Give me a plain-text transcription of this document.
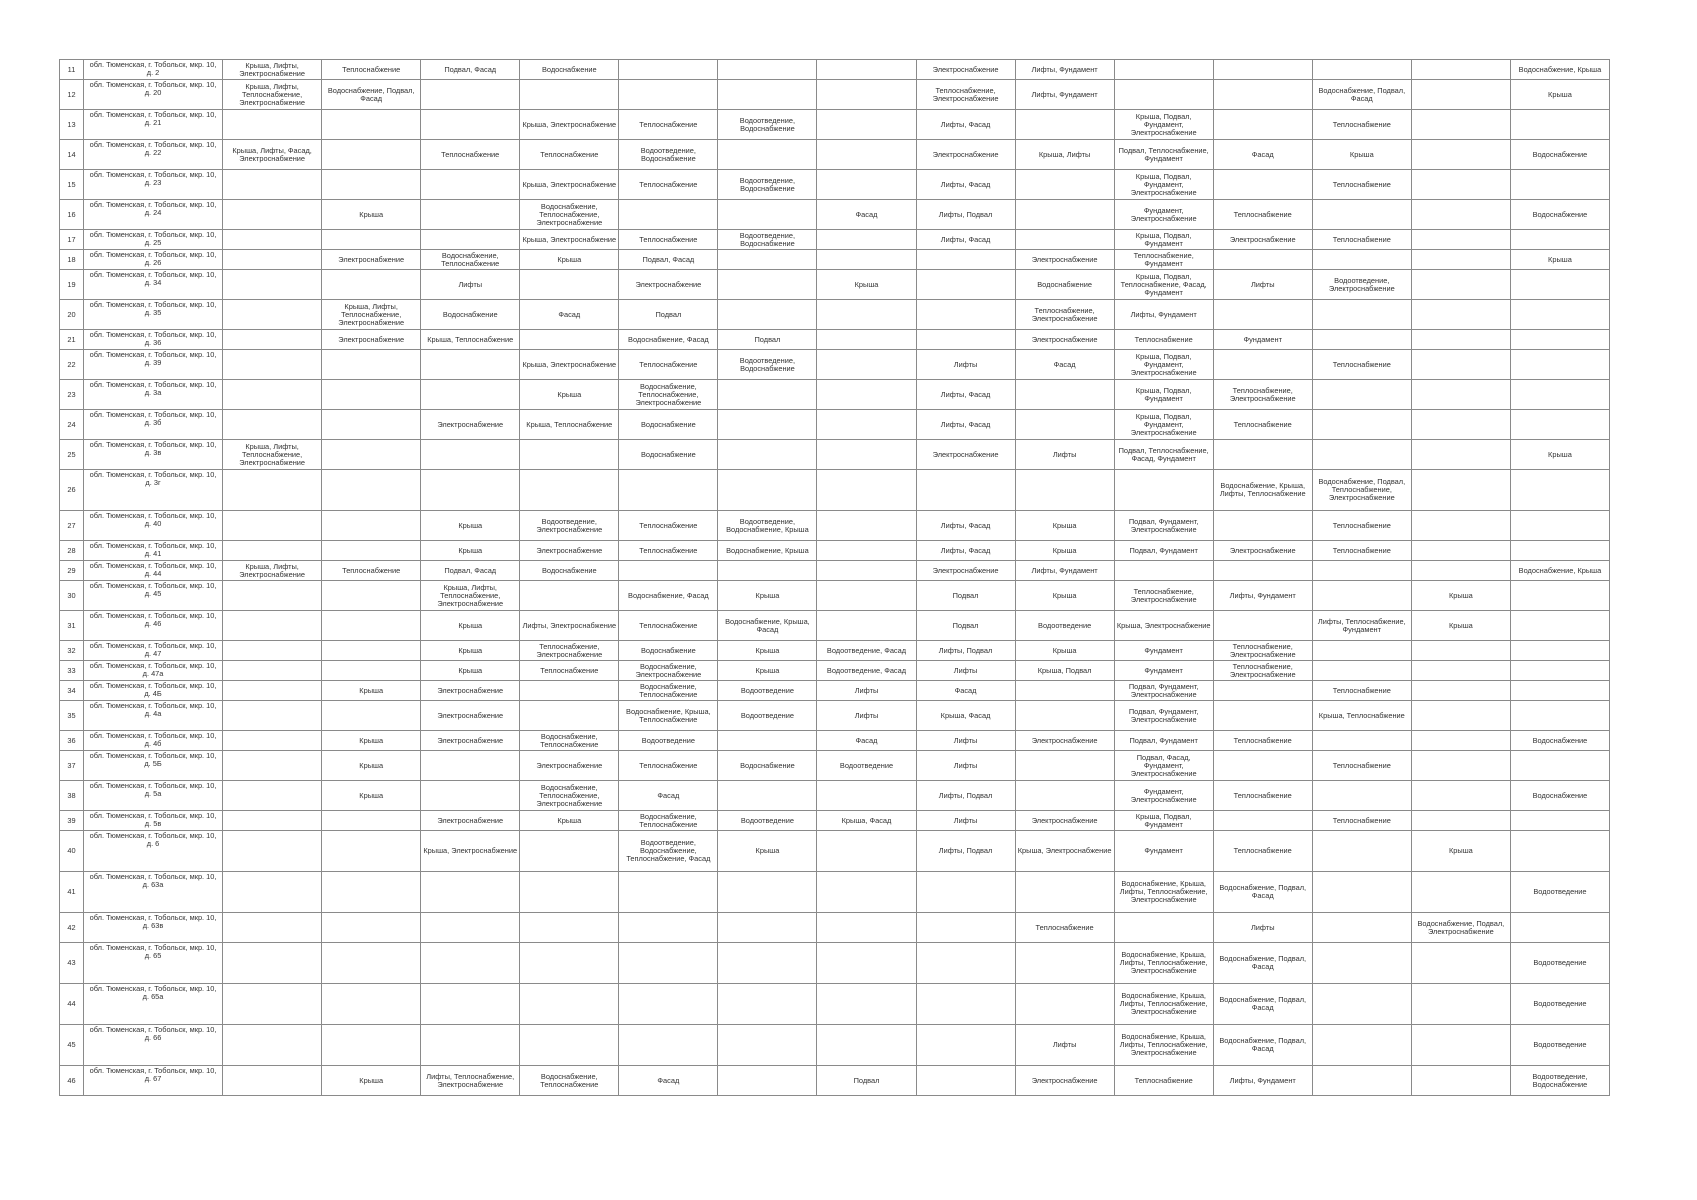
11	обл. Тюменская, г. Тобольск, мкр. 10, д. 2	Крыша, Лифты, Электроснабжение	Теплоснабжение	Подвал, Фасад	Водоснабжение				Электроснабжение	Лифты, Фундамент					Водоснабжение, Крыша
12	обл. Тюменская, г. Тобольск, мкр. 10, д. 20	Крыша, Лифты, Теплоснабжение, Электроснабжение	Водоснабжение, Подвал, Фасад						Теплоснабжение, Электроснабжение	Лифты, Фундамент			Водоснабжение, Подвал, Фасад		Крыша
13	обл. Тюменская, г. Тобольск, мкр. 10, д. 21				Крыша, Электроснабжение	Теплоснабжение	Водоотведение, Водоснабжение		Лифты, Фасад		Крыша, Подвал, Фундамент, Электроснабжение		Теплоснабжение		
14	обл. Тюменская, г. Тобольск, мкр. 10, д. 22	Крыша, Лифты, Фасад, Электроснабжение		Теплоснабжение	Теплоснабжение	Водоотведение, Водоснабжение			Электроснабжение	Крыша, Лифты	Подвал, Теплоснабжение, Фундамент	Фасад	Крыша		Водоснабжение
15	обл. Тюменская, г. Тобольск, мкр. 10, д. 23				Крыша, Электроснабжение	Теплоснабжение	Водоотведение, Водоснабжение		Лифты, Фасад		Крыша, Подвал, Фундамент, Электроснабжение		Теплоснабжение		
16	обл. Тюменская, г. Тобольск, мкр. 10, д. 24		Крыша		Водоснабжение, Теплоснабжение, Электроснабжение			Фасад	Лифты, Подвал		Фундамент, Электроснабжение	Теплоснабжение			Водоснабжение
17	обл. Тюменская, г. Тобольск, мкр. 10, д. 25				Крыша, Электроснабжение	Теплоснабжение	Водоотведение, Водоснабжение		Лифты, Фасад		Крыша, Подвал, Фундамент	Электроснабжение	Теплоснабжение		
18	обл. Тюменская, г. Тобольск, мкр. 10, д. 26		Электроснабжение	Водоснабжение, Теплоснабжение	Крыша	Подвал, Фасад				Электроснабжение	Теплоснабжение, Фундамент				Крыша
19	обл. Тюменская, г. Тобольск, мкр. 10, д. 34			Лифты		Электроснабжение		Крыша		Водоснабжение	Крыша, Подвал, Теплоснабжение, Фасад, Фундамент	Лифты	Водоотведение, Электроснабжение		
20	обл. Тюменская, г. Тобольск, мкр. 10, д. 35		Крыша, Лифты, Теплоснабжение, Электроснабжение	Водоснабжение	Фасад	Подвал				Теплоснабжение, Электроснабжение	Лифты, Фундамент				
21	обл. Тюменская, г. Тобольск, мкр. 10, д. 36		Электроснабжение	Крыша, Теплоснабжение		Водоснабжение, Фасад	Подвал			Электроснабжение	Теплоснабжение	Фундамент			
22	обл. Тюменская, г. Тобольск, мкр. 10, д. 39				Крыша, Электроснабжение	Теплоснабжение	Водоотведение, Водоснабжение		Лифты	Фасад	Крыша, Подвал, Фундамент, Электроснабжение		Теплоснабжение		
23	обл. Тюменская, г. Тобольск, мкр. 10, д. 3а				Крыша	Водоснабжение, Теплоснабжение, Электроснабжение			Лифты, Фасад		Крыша, Подвал, Фундамент	Теплоснабжение, Электроснабжение			
24	обл. Тюменская, г. Тобольск, мкр. 10, д. 3б			Электроснабжение	Крыша, Теплоснабжение	Водоснабжение			Лифты, Фасад		Крыша, Подвал, Фундамент, Электроснабжение	Теплоснабжение			
25	обл. Тюменская, г. Тобольск, мкр. 10, д. 3в	Крыша, Лифты, Теплоснабжение, Электроснабжение				Водоснабжение			Электроснабжение	Лифты	Подвал, Теплоснабжение, Фасад, Фундамент				Крыша
26	обл. Тюменская, г. Тобольск, мкр. 10, д. 3г											Водоснабжение, Крыша, Лифты, Теплоснабжение	Водоснабжение, Подвал, Теплоснабжение, Электроснабжение		
27	обл. Тюменская, г. Тобольск, мкр. 10, д. 40			Крыша	Водоотведение, Электроснабжение	Теплоснабжение	Водоотведение, Водоснабжение, Крыша		Лифты, Фасад	Крыша	Подвал, Фундамент, Электроснабжение		Теплоснабжение		
28	обл. Тюменская, г. Тобольск, мкр. 10, д. 41			Крыша	Электроснабжение	Теплоснабжение	Водоснабжение, Крыша		Лифты, Фасад	Крыша	Подвал, Фундамент	Электроснабжение	Теплоснабжение		
29	обл. Тюменская, г. Тобольск, мкр. 10, д. 44	Крыша, Лифты, Электроснабжение	Теплоснабжение	Подвал, Фасад	Водоснабжение				Электроснабжение	Лифты, Фундамент					Водоснабжение, Крыша
30	обл. Тюменская, г. Тобольск, мкр. 10, д. 45			Крыша, Лифты, Теплоснабжение, Электроснабжение		Водоснабжение, Фасад	Крыша		Подвал	Крыша	Теплоснабжение, Электроснабжение	Лифты, Фундамент		Крыша	
31	обл. Тюменская, г. Тобольск, мкр. 10, д. 46			Крыша	Лифты, Электроснабжение	Теплоснабжение	Водоснабжение, Крыша, Фасад		Подвал	Водоотведение	Крыша, Электроснабжение		Лифты, Теплоснабжение, Фундамент	Крыша	
32	обл. Тюменская, г. Тобольск, мкр. 10, д. 47			Крыша	Теплоснабжение, Электроснабжение	Водоснабжение	Крыша	Водоотведение, Фасад	Лифты, Подвал	Крыша	Фундамент	Теплоснабжение, Электроснабжение			
33	обл. Тюменская, г. Тобольск, мкр. 10, д. 47а			Крыша	Теплоснабжение	Водоснабжение, Электроснабжение	Крыша	Водоотведение, Фасад	Лифты	Крыша, Подвал	Фундамент	Теплоснабжение, Электроснабжение			
34	обл. Тюменская, г. Тобольск, мкр. 10, д. 4Б		Крыша	Электроснабжение		Водоснабжение, Теплоснабжение	Водоотведение	Лифты	Фасад		Подвал, Фундамент, Электроснабжение		Теплоснабжение		
35	обл. Тюменская, г. Тобольск, мкр. 10, д. 4а			Электроснабжение		Водоснабжение, Крыша, Теплоснабжение	Водоотведение	Лифты	Крыша, Фасад		Подвал, Фундамент, Электроснабжение		Крыша, Теплоснабжение		
36	обл. Тюменская, г. Тобольск, мкр. 10, д. 4б		Крыша	Электроснабжение	Водоснабжение, Теплоснабжение	Водоотведение		Фасад	Лифты	Электроснабжение	Подвал, Фундамент	Теплоснабжение			Водоснабжение
37	обл. Тюменская, г. Тобольск, мкр. 10, д. 5Б		Крыша		Электроснабжение	Теплоснабжение	Водоснабжение	Водоотведение	Лифты		Подвал, Фасад, Фундамент, Электроснабжение		Теплоснабжение		
38	обл. Тюменская, г. Тобольск, мкр. 10, д. 5а		Крыша		Водоснабжение, Теплоснабжение, Электроснабжение	Фасад			Лифты, Подвал		Фундамент, Электроснабжение	Теплоснабжение			Водоснабжение
39	обл. Тюменская, г. Тобольск, мкр. 10, д. 5в			Электроснабжение	Крыша	Водоснабжение, Теплоснабжение	Водоотведение	Крыша, Фасад	Лифты	Электроснабжение	Крыша, Подвал, Фундамент		Теплоснабжение		
40	обл. Тюменская, г. Тобольск, мкр. 10, д. 6			Крыша, Электроснабжение		Водоотведение, Водоснабжение, Теплоснабжение, Фасад	Крыша		Лифты, Подвал	Крыша, Электроснабжение	Фундамент	Теплоснабжение		Крыша	
41	обл. Тюменская, г. Тобольск, мкр. 10, д. 63а										Водоснабжение, Крыша, Лифты, Теплоснабжение, Электроснабжение	Водоснабжение, Подвал, Фасад			Водоотведение
42	обл. Тюменская, г. Тобольск, мкр. 10, д. 63в									Теплоснабжение		Лифты		Водоснабжение, Подвал, Электроснабжение	
43	обл. Тюменская, г. Тобольск, мкр. 10, д. 65										Водоснабжение, Крыша, Лифты, Теплоснабжение, Электроснабжение	Водоснабжение, Подвал, Фасад			Водоотведение
44	обл. Тюменская, г. Тобольск, мкр. 10, д. 65а										Водоснабжение, Крыша, Лифты, Теплоснабжение, Электроснабжение	Водоснабжение, Подвал, Фасад			Водоотведение
45	обл. Тюменская, г. Тобольск, мкр. 10, д. 66									Лифты	Водоснабжение, Крыша, Лифты, Теплоснабжение, Электроснабжение	Водоснабжение, Подвал, Фасад			Водоотведение
46	обл. Тюменская, г. Тобольск, мкр. 10, д. 67		Крыша	Лифты, Теплоснабжение, Электроснабжение	Водоснабжение, Теплоснабжение	Фасад		Подвал		Электроснабжение	Теплоснабжение	Лифты, Фундамент			Водоотведение, Водоснабжение
